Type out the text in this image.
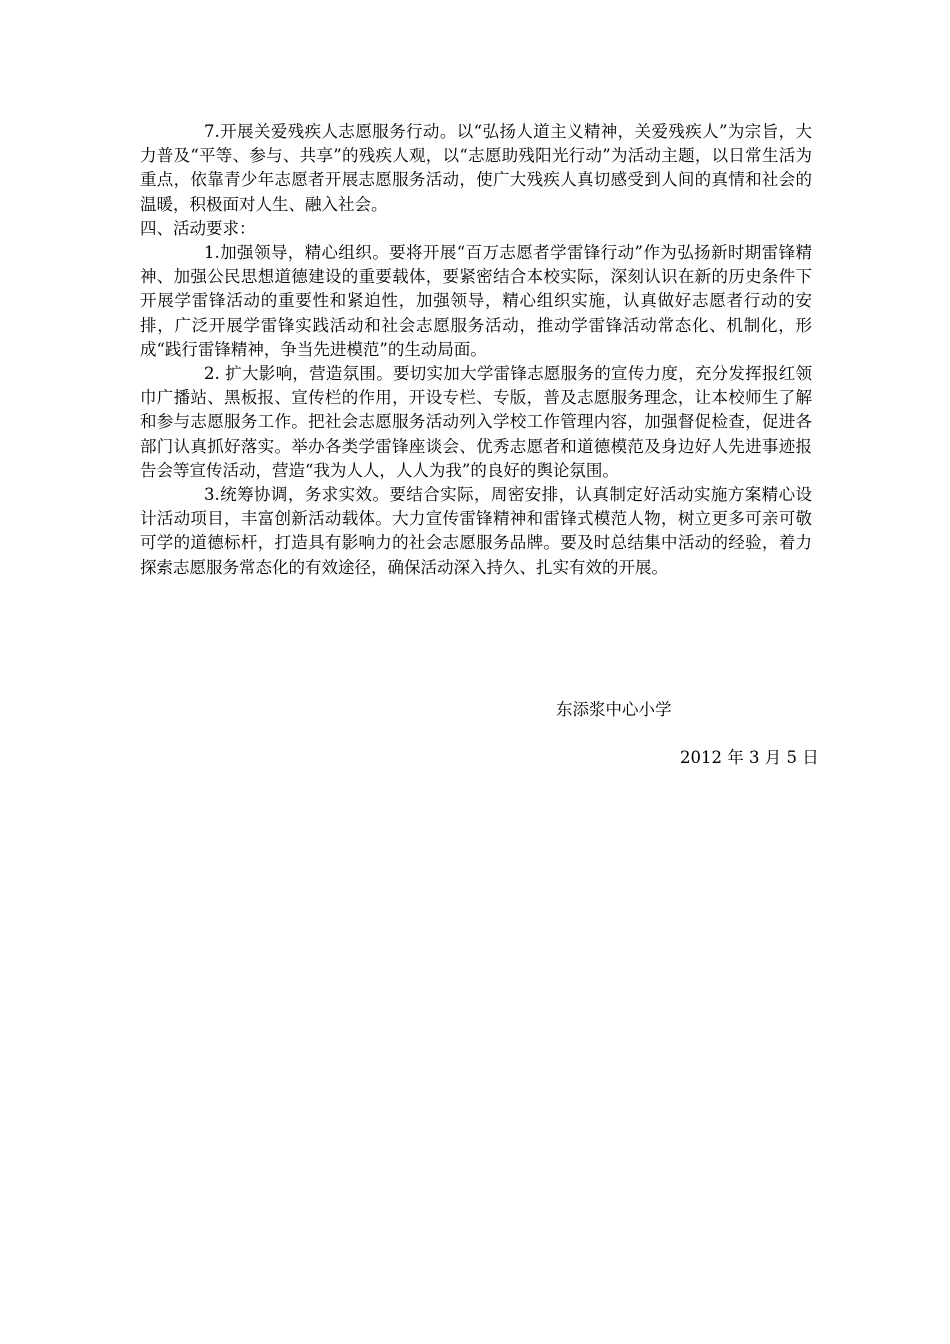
7.开展关爱残疾人志愿服务行动。以“弘扬人道主义精神，关爱残疾人”为宗旨，大力普及“平等、参与、共享”的残疾人观，以“志愿助残阳光行动”为活动主题，以日常生活为重点，依靠青少年志愿者开展志愿服务活动，使广大残疾人真切感受到人间的真情和社会的温暖，积极面对人生、融入社会。

四、活动要求：

1.加强领导，精心组织。要将开展“百万志愿者学雷锋行动”作为弘扬新时期雷锋精神、加强公民思想道德建设的重要载体，要紧密结合本校实际，深刻认识在新的历史条件下开展学雷锋活动的重要性和紧迫性，加强领导，精心组织实施，认真做好志愿者行动的安排，广泛开展学雷锋实践活动和社会志愿服务活动，推动学雷锋活动常态化、机制化，形成“践行雷锋精神，争当先进模范”的生动局面。

2. 扩大影响，营造氛围。要切实加大学雷锋志愿服务的宣传力度，充分发挥报红领巾广播站、黑板报、宣传栏的作用，开设专栏、专版，普及志愿服务理念，让本校师生了解和参与志愿服务工作。把社会志愿服务活动列入学校工作管理内容，加强督促检查，促进各部门认真抓好落实。举办各类学雷锋座谈会、优秀志愿者和道德模范及身边好人先进事迹报告会等宣传活动，营造“我为人人，人人为我”的良好的舆论氛围。

3.统筹协调，务求实效。要结合实际，周密安排，认真制定好活动实施方案精心设计活动项目，丰富创新活动载体。大力宣传雷锋精神和雷锋式模范人物，树立更多可亲可敬可学的道德标杆，打造具有影响力的社会志愿服务品牌。要及时总结集中活动的经验，着力探索志愿服务常态化的有效途径，确保活动深入持久、扎实有效的开展。

东添浆中心小学
2012 年 3 月 5 日
